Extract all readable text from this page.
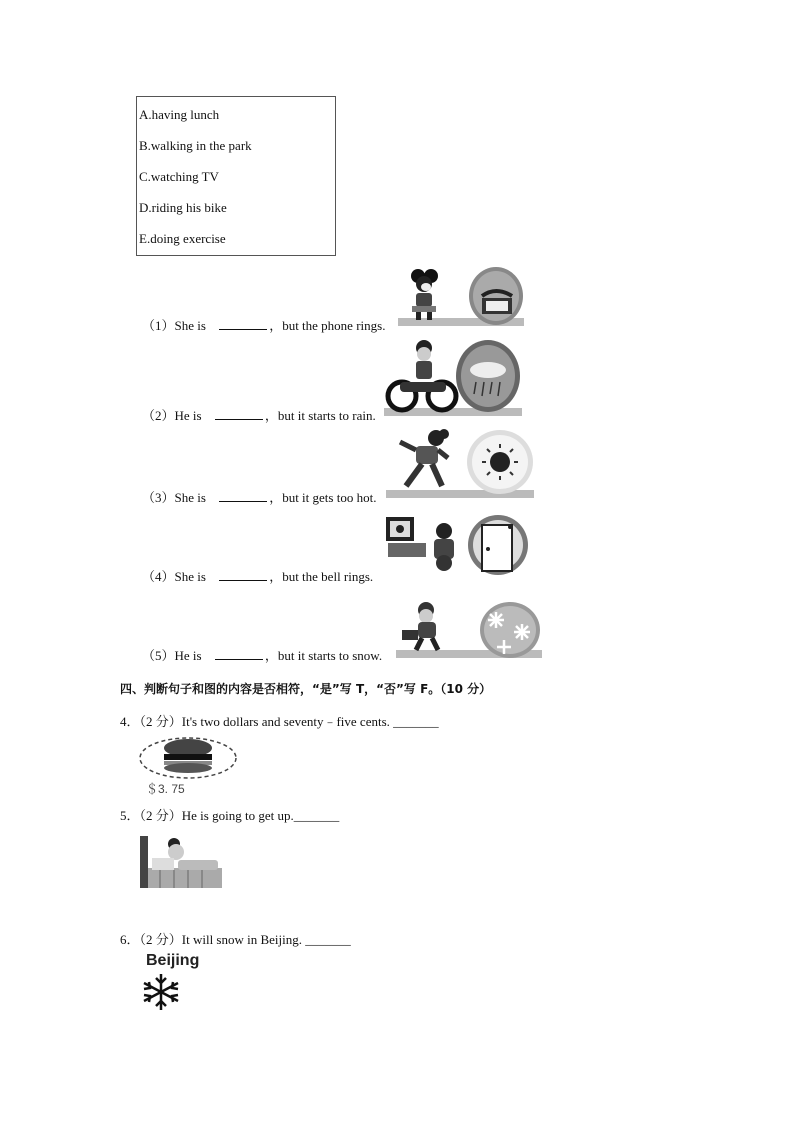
A.having lunch
B.walking in the park
C.watching TV
D.riding his bike
E.doing exercise
（1）She is	，but the phone rings.
（2）He is	，but it starts to rain.
（3）She is	，but it gets too hot.
（4）She is	，but the bell rings.
（5）He is	，but it starts to snow.
四、判断句子和图的内容是否相符，“是”写 T，“否”写 F。（10 分）
4．（2 分）It's two dollars and seventy﹣five cents. _______
＄3. 75
5．（2 分）He is going to get up._______
6．（2 分）It will snow in Beijing. _______
Beijing
